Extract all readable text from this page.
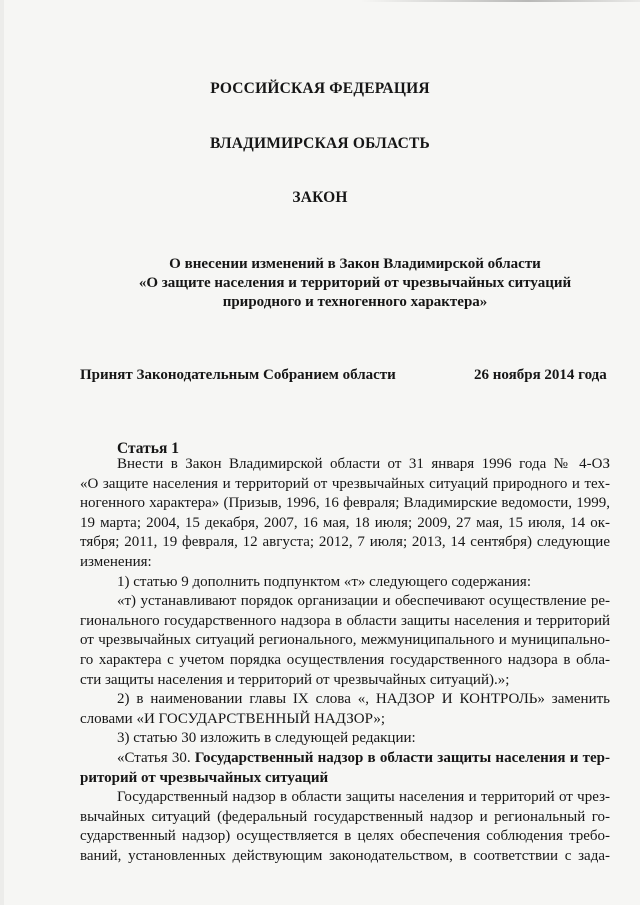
РОССИЙСКАЯ ФЕДЕРАЦИЯ
ВЛАДИМИРСКАЯ ОБЛАСТЬ
ЗАКОН
О внесении изменений в Закон Владимирской области
«О защите населения и территорий от чрезвычайных ситуаций
природного и техногенного характера»
Принят Законодательным Собранием области	26 ноября 2014 года
Статья 1
Внести в Закон Владимирской области от 31 января 1996 года № 4-ОЗ
«О защите населения и территорий от чрезвычайных ситуаций природного и тех-
ногенного характера» (Призыв, 1996, 16 февраля; Владимирские ведомости, 1999,
19 марта; 2004, 15 декабря, 2007, 16 мая, 18 июля; 2009, 27 мая, 15 июля, 14 ок-
тября; 2011, 19 февраля, 12 августа; 2012, 7 июля; 2013, 14 сентября) следующие
изменения:
1) статью 9 дополнить подпунктом «т» следующего содержания:
«т) устанавливают порядок организации и обеспечивают осуществление ре-
гионального государственного надзора в области защиты населения и территорий
от чрезвычайных ситуаций регионального, межмуниципального и муниципально-
го характера с учетом порядка осуществления государственного надзора в обла-
сти защиты населения и территорий от чрезвычайных ситуаций).»;
2) в наименовании главы IX слова «, НАДЗОР И КОНТРОЛЬ» заменить
словами «И ГОСУДАРСТВЕННЫЙ НАДЗОР»;
3) статью 30 изложить в следующей редакции:
«Статья 30. Государственный надзор в области защиты населения и тер-
риторий от чрезвычайных ситуаций
Государственный надзор в области защиты населения и территорий от чрез-
вычайных ситуаций (федеральный государственный надзор и региональный го-
сударственный надзор) осуществляется в целях обеспечения соблюдения требо-
ваний, установленных действующим законодательством, в соответствии с зада-
